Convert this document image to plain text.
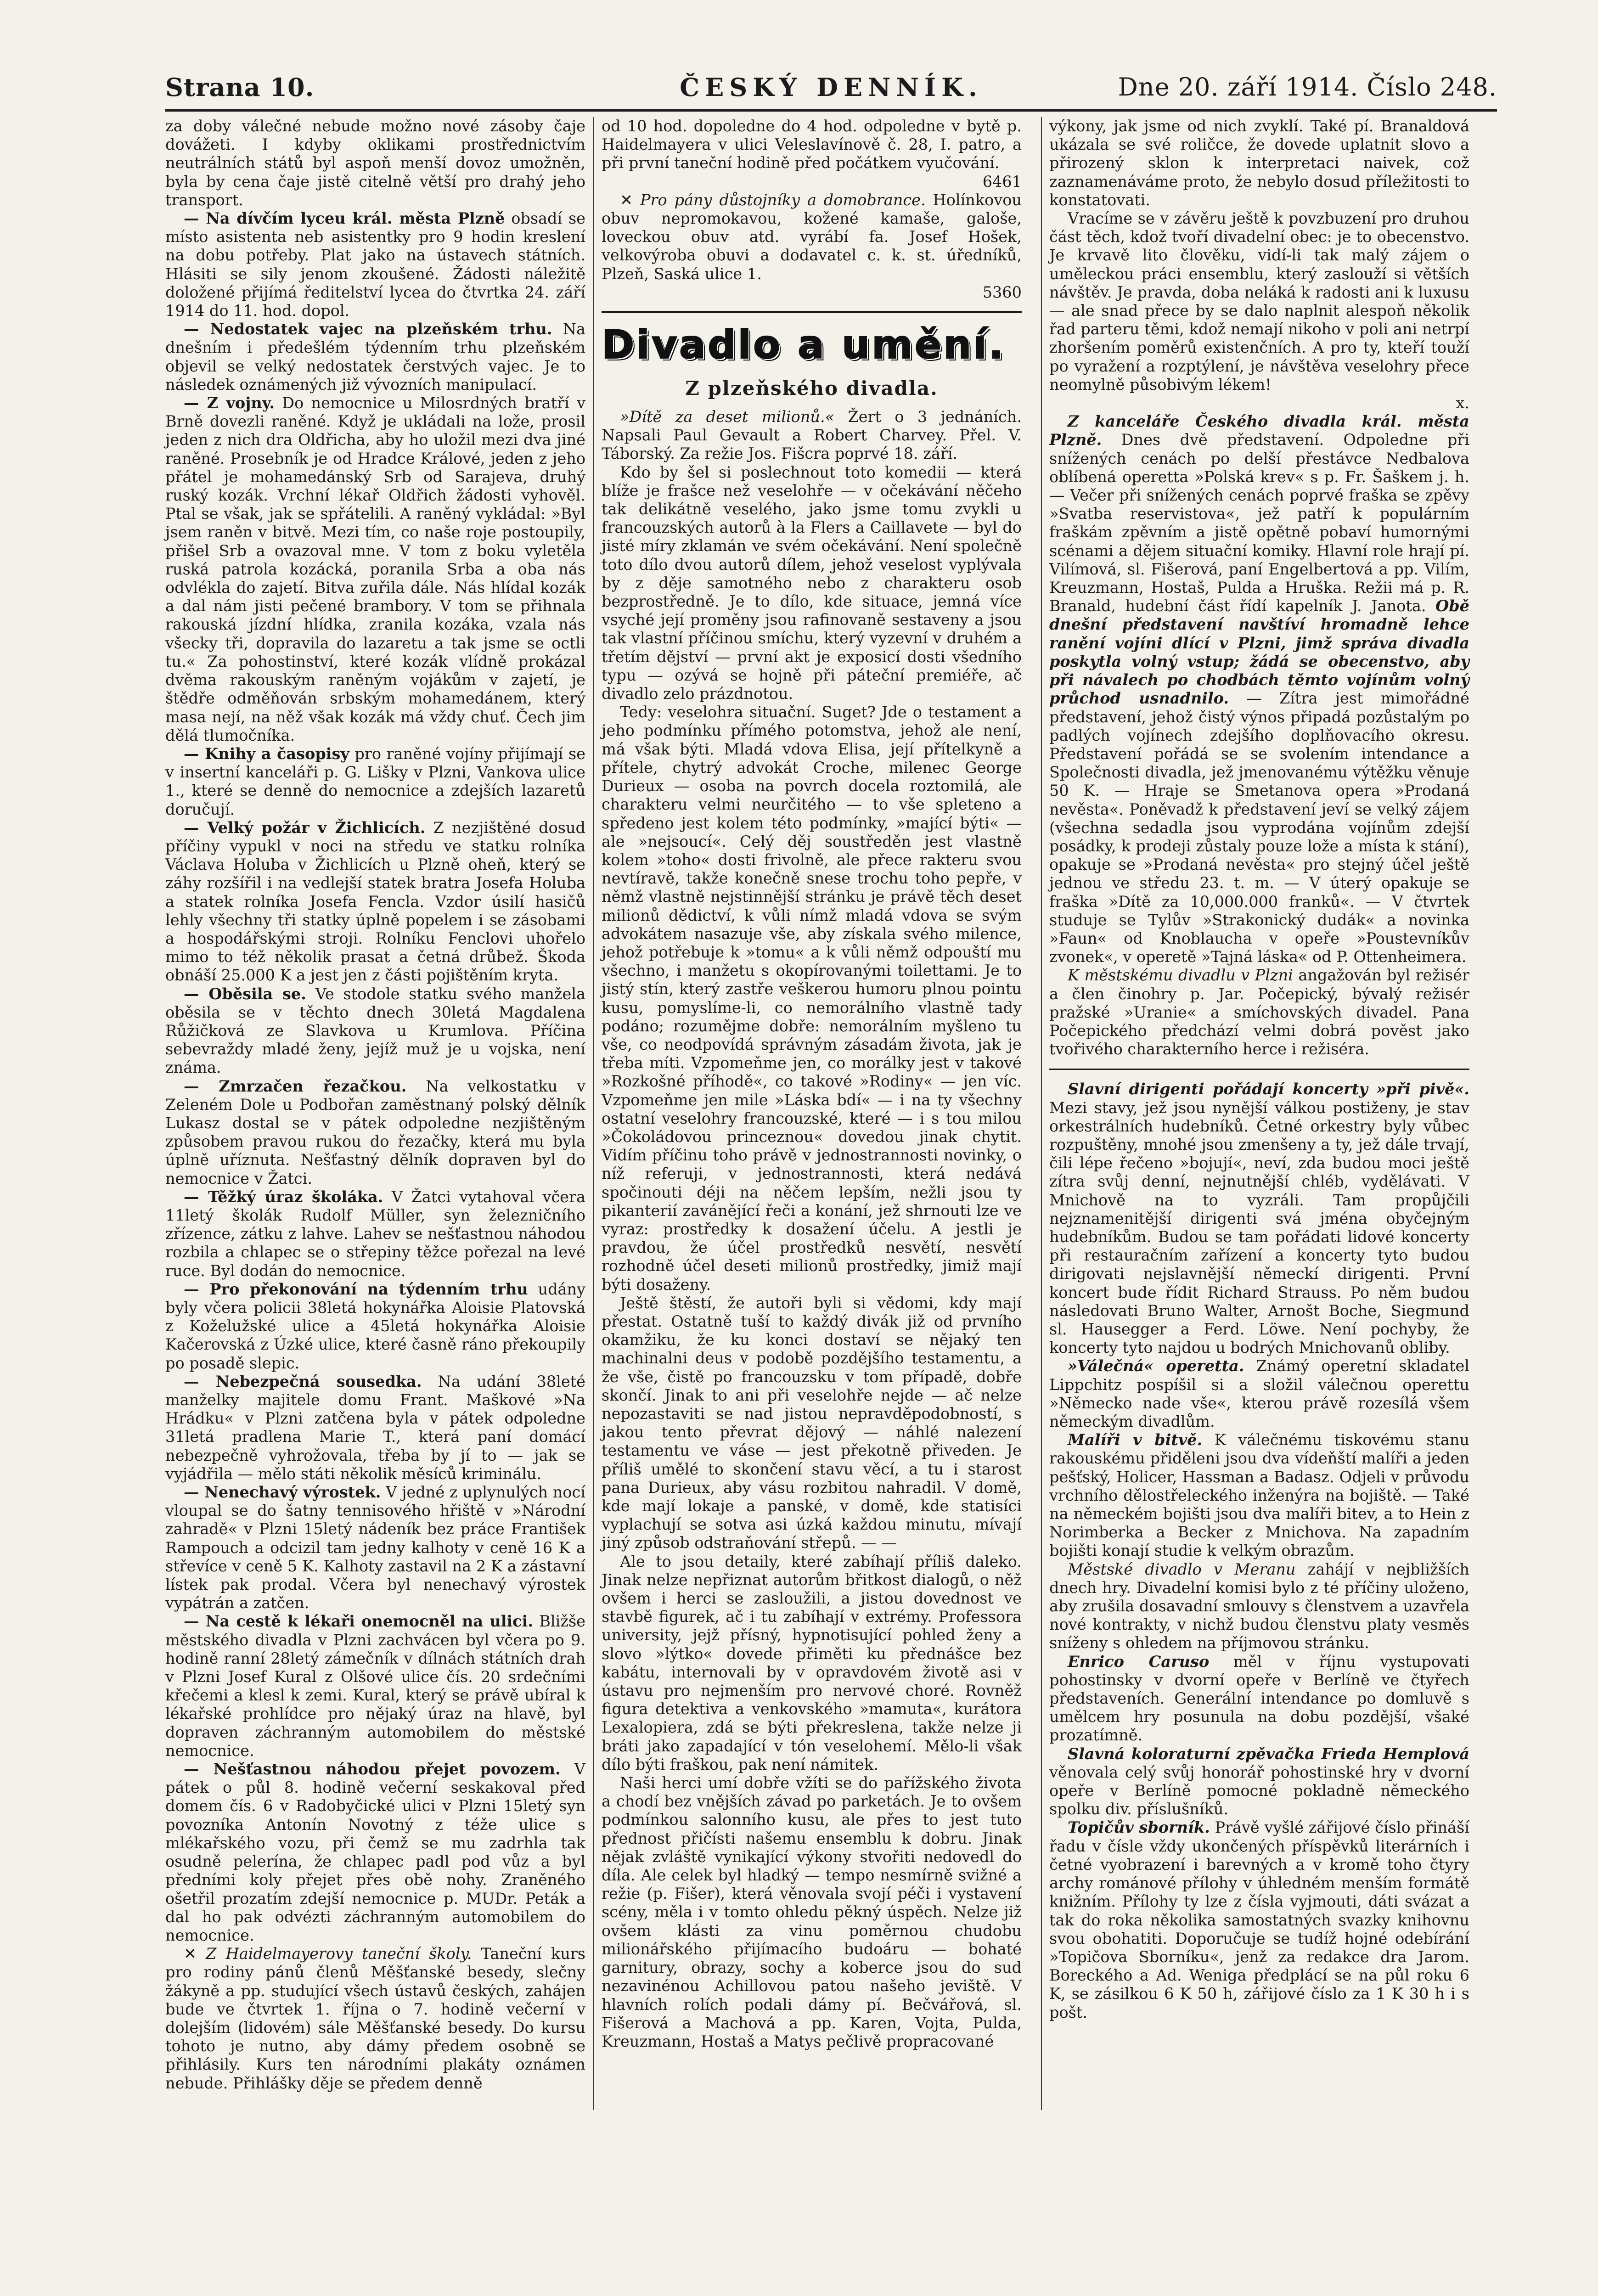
Strana 10.	ČESKÝ DENNÍK.	Dne 20. září 1914. Číslo 248.

za doby válečné nebude možno nové zásoby čaje dovážeti. I kdyby oklikami prostřednictvím neutrálních států byl aspoň menší dovoz umožněn, byla by cena čaje jistě citelně větší pro drahý jeho transport.

— Na dívčím lyceu král. města Plzně obsadí se místo asistenta neb asistentky pro 9 hodin kreslení na dobu potřeby. Plat jako na ústavech státních. Hlásiti se sily jenom zkoušené. Žádosti náležitě doložené přijímá ředitelství lycea do čtvrtka 24. září 1914 do 11. hod. dopol.

— Nedostatek vajec na plzeňském trhu. Na dnešním i předešlém týdenním trhu plzeňském objevil se velký nedostatek čerstvých vajec. Je to následek oznámených již vývozních manipulací.

— Z vojny. Do nemocnice u Milosrdných bratří v Brně dovezli raněné. Když je ukládali na lože, prosil jeden z nich dra Oldřicha, aby ho uložil mezi dva jiné raněné. Prosebník je od Hradce Králové, jeden z jeho přátel je mohamedánský Srb od Sarajeva, druhý ruský kozák. Vrchní lékař Oldřich žádosti vyhověl. Ptal se však, jak se spřátelili. A raněný vykládal: »Byl jsem raněn v bitvě. Mezi tím, co naše roje postoupily, přišel Srb a ovazoval mne. V tom z boku vyletěla ruská patrola kozácká, poranila Srba a oba nás odvlékla do zajetí. Bitva zuřila dále. Nás hlídal kozák a dal nám jisti pečené brambory. V tom se přihnala rakouská jízdní hlídka, zranila kozáka, vzala nás všecky tři, dopravila do lazaretu a tak jsme se octli tu.« Za pohostinství, které kozák vlídně prokázal dvěma rakouským raněným vojákům v zajetí, je štědře odměňován srbským mohamedánem, který masa nejí, na něž však kozák má vždy chuť. Čech jim dělá tlumočníka.

— Knihy a časopisy pro raněné vojíny přijímají se v insertní kanceláři p. G. Lišky v Plzni, Vankova ulice 1., které se denně do nemocnice a zdejších lazaretů doručují.

— Velký požár v Žichlicích. Z nezjištěné dosud příčiny vypukl v noci na středu ve statku rolníka Václava Holuba v Žichlicích u Plzně oheň, který se záhy rozšířil i na vedlejší statek bratra Josefa Holuba a statek rolníka Josefa Fencla. Vzdor úsilí hasičů lehly všechny tři statky úplně popelem i se zásobami a hospodářskými stroji. Rolníku Fenclovi uhořelo mimo to též několik prasat a četná drůbež. Škoda obnáší 25.000 K a jest jen z části pojištěním kryta.

— Oběsila se. Ve stodole statku svého manžela oběsila se v těchto dnech 30letá Magdalena Růžičková ze Slavkova u Krumlova. Příčina sebevraždy mladé ženy, jejíž muž je u vojska, není známa.

— Zmrzačen řezačkou. Na velkostatku v Zeleném Dole u Podbořan zaměstnaný polský dělník Lukasz dostal se v pátek odpoledne nezjištěným způsobem pravou rukou do řezačky, která mu byla úplně uříznuta. Nešťastný dělník dopraven byl do nemocnice v Žatci.

— Těžký úraz školáka. V Žatci vytahoval včera 11letý školák Rudolf Müller, syn železničního zřízence, zátku z lahve. Lahev se nešťastnou náhodou rozbila a chlapec se o střepiny těžce pořezal na levé ruce. Byl dodán do nemocnice.

— Pro překonování na týdenním trhu udány byly včera policii 38letá hokynářka Aloisie Platovská z Koželužské ulice a 45letá hokynářka Aloisie Kačerovská z Úzké ulice, které časně ráno překoupily po posadě slepic.

— Nebezpečná sousedka. Na udání 38leté manželky majitele domu Frant. Maškové »Na Hrádku« v Plzni zatčena byla v pátek odpoledne 31letá pradlena Marie T., která paní domácí nebezpečně vyhrožovala, třeba by jí to — jak se vyjádřila — mělo státi několik měsíců kriminálu.

— Nenechavý výrostek. V jedné z uplynulých nocí vloupal se do šatny tennisového hřiště v »Národní zahradě« v Plzni 15letý nádeník bez práce František Rampouch a odcizil tam jedny kalhoty v ceně 16 K a střevíce v ceně 5 K. Kalhoty zastavil na 2 K a zástavní lístek pak prodal. Včera byl nenechavý výrostek vypátrán a zatčen.

— Na cestě k lékaři onemocněl na ulici. Bližše městského divadla v Plzni zachvácen byl včera po 9. hodině ranní 28letý zámečník v dílnách státních drah v Plzni Josef Kural z Olšové ulice čís. 20 srdečními křečemi a klesl k zemi. Kural, který se právě ubíral k lékařské prohlídce pro nějaký úraz na hlavě, byl dopraven záchranným automobilem do městské nemocnice.

— Nešťastnou náhodou přejet povozem. V pátek o půl 8. hodině večerní seskakoval před domem čís. 6 v Radobyčické ulici v Plzni 15letý syn povozníka Antonín Novotný z téže ulice s mlékařského vozu, při čemž se mu zadrhla tak osudně pelerína, že chlapec padl pod vůz a byl předními koly přejet přes obě nohy. Zraněného ošetřil prozatím zdejší nemocnice p. MUDr. Peták a dal ho pak odvézti záchranným automobilem do nemocnice.

✕ Z Haidelmayerovy taneční školy. Taneční kurs pro rodiny pánů členů Měšťanské besedy, slečny žákyně a pp. studující všech ústavů českých, zahájen bude ve čtvrtek 1. října o 7. hodině večerní v dolejším (lidovém) sále Měšťanské besedy. Do kursu tohoto je nutno, aby dámy předem osobně se přihlásily. Kurs ten národními plakáty oznámen nebude. Přihlášky děje se předem denně

od 10 hod. dopoledne do 4 hod. odpoledne v bytě p. Haidelmayera v ulici Veleslavínově č. 28, I. patro, a při první taneční hodině před počátkem vyučování.
6461

✕ Pro pány důstojníky a domobrance. Holínkovou obuv nepromokavou, kožené kamaše, galoše, loveckou obuv atd. vyrábí fa. Josef Hošek, velkovýroba obuvi a dodavatel c. k. st. úředníků, Plzeň, Saská ulice 1.
5360

Divadlo a umění.
Z plzeňského divadla.

»Dítě za deset milionů.« Žert o 3 jednáních. Napsali Paul Gevault a Robert Charvey. Přel. V. Táborský. Za režie Jos. Fišcra poprvé 18. září.

Kdo by šel si poslechnout toto komedii — která blíže je frašce než veselohře — v očekávání něčeho tak delikátně veselého, jako jsme tomu zvykli u francouzských autorů à la Flers a Caillavete — byl do jisté míry zklamán ve svém očekávání. Není společně toto dílo dvou autorů dílem, jehož veselost vyplývala by z děje samotného nebo z charakteru osob bezprostředně. Je to dílo, kde situace, jemná více vsyché její proměny jsou rafinovaně sestaveny a jsou tak vlastní příčinou smíchu, který vyzevní v druhém a třetím dějství — první akt je exposicí dosti všedního typu — ozývá se hojně při páteční premiéře, ač divadlo zelo prázdnotou.

Tedy: veselohra situační. Suget? Jde o testament a jeho podmínku přímého potomstva, jehož ale není, má však býti. Mladá vdova Elisa, její přítelkyně a přítele, chytrý advokát Croche, milenec George Durieux — osoba na povrch docela roztomilá, ale charakteru velmi neurčitého — to vše spleteno a spředeno jest kolem této podmínky, »mající býti« — ale »nejsoucí«. Celý děj soustředěn jest vlastně kolem »toho« dosti frivolně, ale přece rakteru svou nevtíravě, takže konečně snese trochu toho pepře, v němž vlastně nejstinnější stránku je právě těch deset milionů dědictví, k vůli nímž mladá vdova se svým advokátem nasazuje vše, aby získala svého milence, jehož potřebuje k »tomu« a k vůli němž odpouští mu všechno, i manžetu s okopírovanými toilettami. Je to jistý stín, který zastře veškerou humoru plnou pointu kusu, pomyslíme-li, co nemorálního vlastně tady podáno; rozumějme dobře: nemorálním myšleno tu vše, co neodpovídá správným zásadám života, jak je třeba míti. Vzpomeňme jen, co morálky jest v takové »Rozkošné příhodě«, co takové »Rodiny« — jen víc. Vzpomeňme jen mile »Láska bdí« — i na ty všechny ostatní veselohry francouzské, které — i s tou milou »Čokoládovou princeznou« dovedou jinak chytit. Vidím příčinu toho právě v jednostrannosti novinky, o níž referuji, v jednostrannosti, která nedává spočinouti déji na něčem lepším, nežli jsou ty pikanterií zavánějící řeči a konání, jež shrnouti lze ve vyraz: prostředky k dosažení účelu. A jestli je pravdou, že účel prostředků nesvětí, nesvětí rozhodně účel deseti milionů prostředky, jimiž mají býti dosaženy.

Ještě štěstí, že autoři byli si vědomi, kdy mají přestat. Ostatně tuší to každý divák již od prvního okamžiku, že ku konci dostaví se nějaký ten machinalni deus v podobě pozdějšího testamentu, a že vše, čistě po francouzsku v tom případě, dobře skončí. Jinak to ani při veselohře nejde — ač nelze nepozastaviti se nad jistou nepravděpodobností, s jakou tento převrat dějový — náhlé nalezení testamentu ve váse — jest překotně přiveden. Je příliš umělé to skončení stavu věcí, a tu i starost pana Durieux, aby vásu rozbitou nahradil. V domě, kde mají lokaje a panské, v domě, kde statisíci vyplachují se sotva asi úzká každou minutu, mívají jiný způsob odstraňování střepů. — —

Ale to jsou detaily, které zabíhají příliš daleko. Jinak nelze nepřiznat autorům břitkost dialogů, o něž ovšem i herci se zasloužili, a jistou dovednost ve stavbě figurek, ač i tu zabíhají v extrémy. Professora university, jejž přísný, hypnotisující pohled ženy a slovo »lýtko« dovede přiměti ku přednášce bez kabátu, internovali by v opravdovém životě asi v ústavu pro nejmenším pro nervové choré. Rovněž figura detektiva a venkovského »mamuta«, kurátora Lexalopiera, zdá se býti překreslena, takže nelze ji bráti jako zapadající v tón veselohemí. Mělo-li však dílo býti fraškou, pak není námitek.

Naši herci umí dobře vžíti se do pařížského života a chodí bez vnějších závad po parketách. Je to ovšem podmínkou salonního kusu, ale přes to jest tuto přednost přičísti našemu ensemblu k dobru. Jinak nějak zvláště vynikající výkony stvořiti nedovedl do díla. Ale celek byl hladký — tempo nesmírně svižné a režie (p. Fišer), která věnovala svojí péči i vystavení scény, měla i v tomto ohledu pěkný úspěch. Nelze již ovšem klásti za vinu poměrnou chudobu milionářského přijímacího budoáru — bohaté garnitury, obrazy, sochy a koberce jsou do sud nezavinénou Achillovou patou našeho jeviště. V hlavních rolích podali dámy pí. Bečvářová, sl. Fišerová a Machová a pp. Karen, Vojta, Pulda, Kreuzmann, Hostaš a Matys pečlivě propracované

výkony, jak jsme od nich zvyklí. Také pí. Branaldová ukázala se své roličce, že dovede uplatnit slovo a přirozený sklon k interpretaci naivek, což zaznamenáváme proto, že nebylo dosud příležitosti to konstatovati.

Vracíme se v závěru ještě k povzbuzení pro druhou část těch, kdož tvoří divadelní obec: je to obecenstvo. Je krvavě lito člověku, vidí-li tak malý zájem o uměleckou práci ensemblu, který zaslouží si větších návštěv. Je pravda, doba neláká k radosti ani k luxusu — ale snad přece by se dalo naplnit alespoň několik řad parteru těmi, kdož nemají nikoho v poli ani netrpí zhoršením poměrů existenčních. A pro ty, kteří touží po vyražení a rozptýlení, je návštěva veselohry přece neomylně působivým lékem!
x.

Z kanceláře Českého divadla král. města Plzně. Dnes dvě představení. Odpoledne při snížených cenách po delší přestávce Nedbalova oblíbená operetta »Polská krev« s p. Fr. Šaškem j. h. — Večer při snížených cenách poprvé fraška se zpěvy »Svatba reservistova«, jež patří k populárním fraškám zpěvním a jistě opětně pobaví humornými scénami a dějem situační komiky. Hlavní role hrají pí. Vilímová, sl. Fišerová, paní Engelbertová a pp. Vilím, Kreuzmann, Hostaš, Pulda a Hruška. Režii má p. R. Branald, hudební část řídí kapelník J. Janota. Obě dnešní představení navštíví hromadně lehce ranění vojíni dlící v Plzni, jimž správa divadla poskytla volný vstup; žádá se obecenstvo, aby při návalech po chodbách těmto vojínům volný průchod usnadnilo. — Zítra jest mimořádné představení, jehož čistý výnos připadá pozůstalým po padlých vojínech zdejšího doplňovacího okresu. Představení pořádá se se svolením intendance a Společnosti divadla, jež jmenovanému výtěžku věnuje 50 K. — Hraje se Smetanova opera »Prodaná nevěsta«. Poněvadž k představení jeví se velký zájem (všechna sedadla jsou vyprodána vojínům zdejší posádky, k prodeji zůstaly pouze lože a místa k stání), opakuje se »Prodaná nevěsta« pro stejný účel ještě jednou ve středu 23. t. m. — V úterý opakuje se fraška »Dítě za 10,000.000 franků«. — V čtvrtek studuje se Tylův »Strakonický dudák« a novinka »Faun« od Knoblaucha v opeře »Poustevníkův zvonek«, v operetě »Tajná láska« od P. Ottenheimera.

K městskému divadlu v Plzni angažován byl režisér a člen činohry p. Jar. Počepický, bývalý režisér pražské »Uranie« a smíchovských divadel. Pana Počepického předchází velmi dobrá pověst jako tvořivého charakterního herce i režiséra.

Slavní dirigenti pořádají koncerty »při pivě«. Mezi stavy, jež jsou nynější válkou postiženy, je stav orkestrálních hudebníků. Četné orkestry byly vůbec rozpuštěny, mnohé jsou zmenšeny a ty, jež dále trvají, čili lépe řečeno »bojují«, neví, zda budou moci ještě zítra svůj denní, nejnutnější chléb, vydělávati. V Mnichově na to vyzráli. Tam propůjčili nejznamenitější dirigenti svá jména obyčejným hudebníkům. Budou se tam pořádati lidové koncerty při restauračním zařízení a koncerty tyto budou dirigovati nejslavnější německí dirigenti. První koncert bude řídit Richard Strauss. Po něm budou následovati Bruno Walter, Arnošt Boche, Siegmund sl. Hausegger a Ferd. Löwe. Není pochyby, že koncerty tyto najdou u bodrých Mnichovanů obliby.

»Válečná« operetta. Známý operetní skladatel Lippchitz pospíšil si a složil válečnou operettu »Německo nade vše«, kterou právě rozesílá všem německým divadlům.

Malíři v bitvě. K válečnému tiskovému stanu rakouskému přiděleni jsou dva vídeňští malíři a jeden pešťský, Holicer, Hassman a Badasz. Odjeli v průvodu vrchního dělostřeleckého inženýra na bojiště. — Také na německém bojišti jsou dva malíři bitev, a to Hein z Norimberka a Becker z Mnichova. Na zapadním bojišti konají studie k velkým obrazům.

Městské divadlo v Meranu zahájí v nejbližších dnech hry. Divadelní komisi bylo z té příčiny uloženo, aby zrušila dosavadní smlouvy s členstvem a uzavřela nové kontrakty, v nichž budou členstvu platy vesměs sníženy s ohledem na příjmovou stránku.

Enrico Caruso měl v říjnu vystupovati pohostinsky v dvorní opeře v Berlíně ve čtyřech představeních. Generální intendance po domluvě s umělcem hry posunula na dobu pozdější, všaké prozatímně.

Slavná koloraturní zpěvačka Frieda Hemplová věnovala celý svůj honorář pohostinské hry v dvorní opeře v Berlíně pomocné pokladně německého spolku div. příslušníků.

Topičův sborník. Právě vyšlé zářijové číslo přináší řadu v čísle vždy ukončených příspěvků literárních i četné vyobrazení i barevných a v kromě toho čtyry archy románové přílohy v úhledném menším formátě knižním. Přílohy ty lze z čísla vyjmouti, dáti svázat a tak do roka několika samostatných svazky knihovnu svou obohatiti. Doporučuje se tudíž hojné odebírání »Topičova Sborníku«, jenž za redakce dra Jarom. Boreckého a Ad. Weniga předplácí se na půl roku 6 K, se zásilkou 6 K 50 h, zářijové číslo za 1 K 30 h i s pošt.
